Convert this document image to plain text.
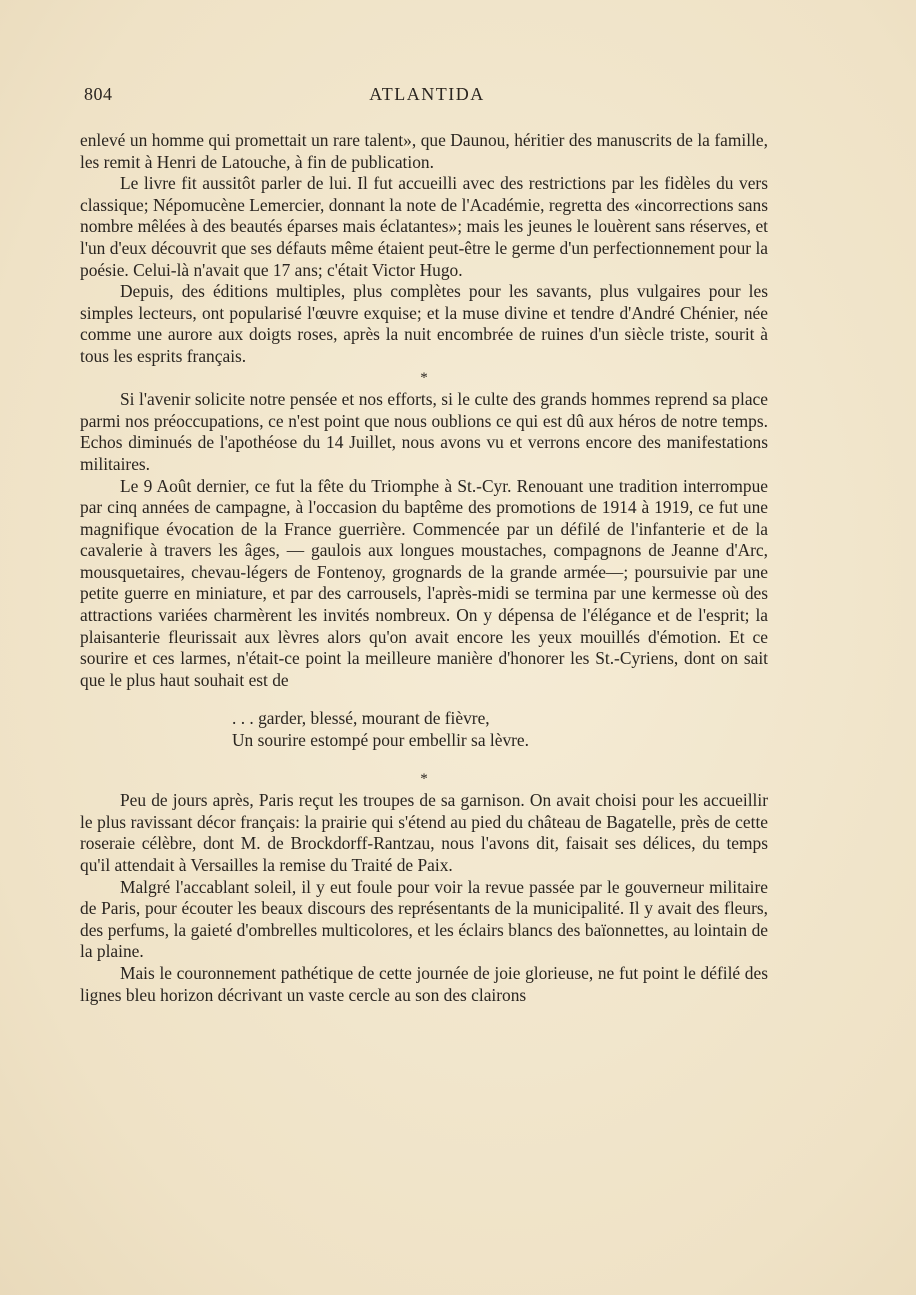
804	ATLANTIDA

enlevé un homme qui promettait un rare talent», que Daunou, héritier des manuscrits de la famille, les remit à Henri de Latouche, à fin de publication.

Le livre fit aussitôt parler de lui. Il fut accueilli avec des restrictions par les fidèles du vers classique; Népomucène Lemercier, donnant la note de l'Académie, regretta des «incorrections sans nombre mêlées à des beautés éparses mais éclatantes»; mais les jeunes le louèrent sans réserves, et l'un d'eux découvrit que ses défauts même étaient peut-être le germe d'un perfectionnement pour la poésie. Celui-là n'avait que 17 ans; c'était Victor Hugo.

Depuis, des éditions multiples, plus complètes pour les savants, plus vulgaires pour les simples lecteurs, ont popularisé l'œuvre exquise; et la muse divine et tendre d'André Chénier, née comme une aurore aux doigts roses, après la nuit encombrée de ruines d'un siècle triste, sourit à tous les esprits français.

*

Si l'avenir solicite notre pensée et nos efforts, si le culte des grands hommes reprend sa place parmi nos préoccupations, ce n'est point que nous oublions ce qui est dû aux héros de notre temps. Echos diminués de l'apothéose du 14 Juillet, nous avons vu et verrons encore des manifestations militaires.

Le 9 Août dernier, ce fut la fête du Triomphe à St.-Cyr. Renouant une tradition interrompue par cinq années de campagne, à l'occasion du baptême des promotions de 1914 à 1919, ce fut une magnifique évocation de la France guerrière. Commencée par un défilé de l'infanterie et de la cavalerie à travers les âges, — gaulois aux longues moustaches, compagnons de Jeanne d'Arc, mousquetaires, chevau-légers de Fontenoy, grognards de la grande armée—; poursuivie par une petite guerre en miniature, et par des carrousels, l'après-midi se termina par une kermesse où des attractions variées charmèrent les invités nombreux. On y dépensa de l'élégance et de l'esprit; la plaisanterie fleurissait aux lèvres alors qu'on avait encore les yeux mouillés d'émotion. Et ce sourire et ces larmes, n'était-ce point la meilleure manière d'honorer les St.-Cyriens, dont on sait que le plus haut souhait est de

. . . garder, blessé, mourant de fièvre,
Un sourire estompé pour embellir sa lèvre.

*

Peu de jours après, Paris reçut les troupes de sa garnison. On avait choisi pour les accueillir le plus ravissant décor français: la prairie qui s'étend au pied du château de Bagatelle, près de cette roseraie célèbre, dont M. de Brockdorff-Rantzau, nous l'avons dit, faisait ses délices, du temps qu'il attendait à Versailles la remise du Traité de Paix.

Malgré l'accablant soleil, il y eut foule pour voir la revue passée par le gouverneur militaire de Paris, pour écouter les beaux discours des représentants de la municipalité. Il y avait des fleurs, des perfums, la gaieté d'ombrelles multicolores, et les éclairs blancs des baïonnettes, au lointain de la plaine.

Mais le couronnement pathétique de cette journée de joie glorieuse, ne fut point le défilé des lignes bleu horizon décrivant un vaste cercle au son des clairons
